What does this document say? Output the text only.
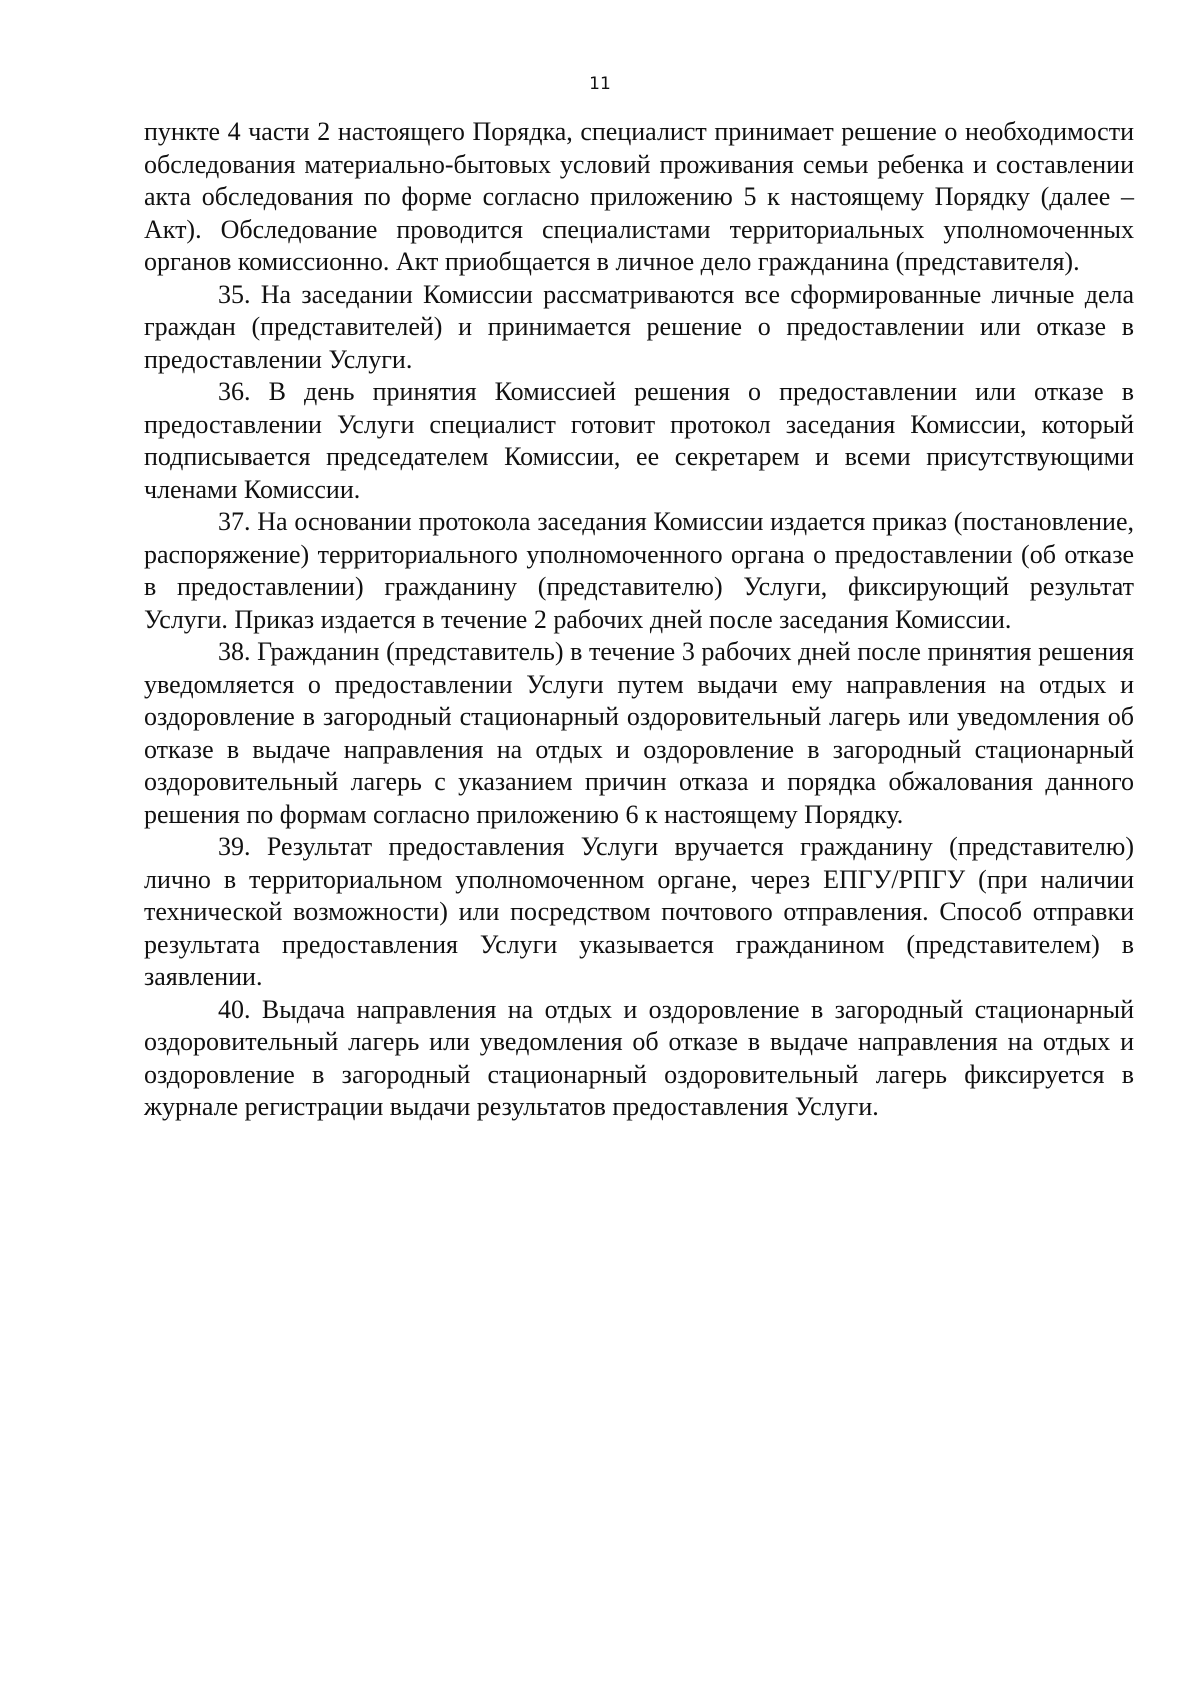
11

пункте 4 части 2 настоящего Порядка, специалист принимает решение о необходимости обследования материально-бытовых условий проживания семьи ребенка и составлении акта обследования по форме согласно приложению 5 к настоящему Порядку (далее – Акт). Обследование проводится специалистами территориальных уполномоченных органов комиссионно. Акт приобщается в личное дело гражданина (представителя).

35. На заседании Комиссии рассматриваются все сформированные личные дела граждан (представителей) и принимается решение о предоставлении или отказе в предоставлении Услуги.

36. В день принятия Комиссией решения о предоставлении или отказе в предоставлении Услуги специалист готовит протокол заседания Комиссии, который подписывается председателем Комиссии, ее секретарем и всеми присутствующими членами Комиссии.

37. На основании протокола заседания Комиссии издается приказ (постановление, распоряжение) территориального уполномоченного органа о предоставлении (об отказе в предоставлении) гражданину (представителю) Услуги, фиксирующий результат Услуги. Приказ издается в течение 2 рабочих дней после заседания Комиссии.

38. Гражданин (представитель) в течение 3 рабочих дней после принятия решения уведомляется о предоставлении Услуги путем выдачи ему направления на отдых и оздоровление в загородный стационарный оздоровительный лагерь или уведомления об отказе в выдаче направления на отдых и оздоровление в загородный стационарный оздоровительный лагерь с указанием причин отказа и порядка обжалования данного решения по формам согласно приложению 6 к настоящему Порядку.

39. Результат предоставления Услуги вручается гражданину (представителю) лично в территориальном уполномоченном органе, через ЕПГУ/РПГУ (при наличии технической возможности) или посредством почтового отправления. Способ отправки результата предоставления Услуги указывается гражданином (представителем) в заявлении.

40. Выдача направления на отдых и оздоровление в загородный стационарный оздоровительный лагерь или уведомления об отказе в выдаче направления на отдых и оздоровление в загородный стационарный оздоровительный лагерь фиксируется в журнале регистрации выдачи результатов предоставления Услуги.
